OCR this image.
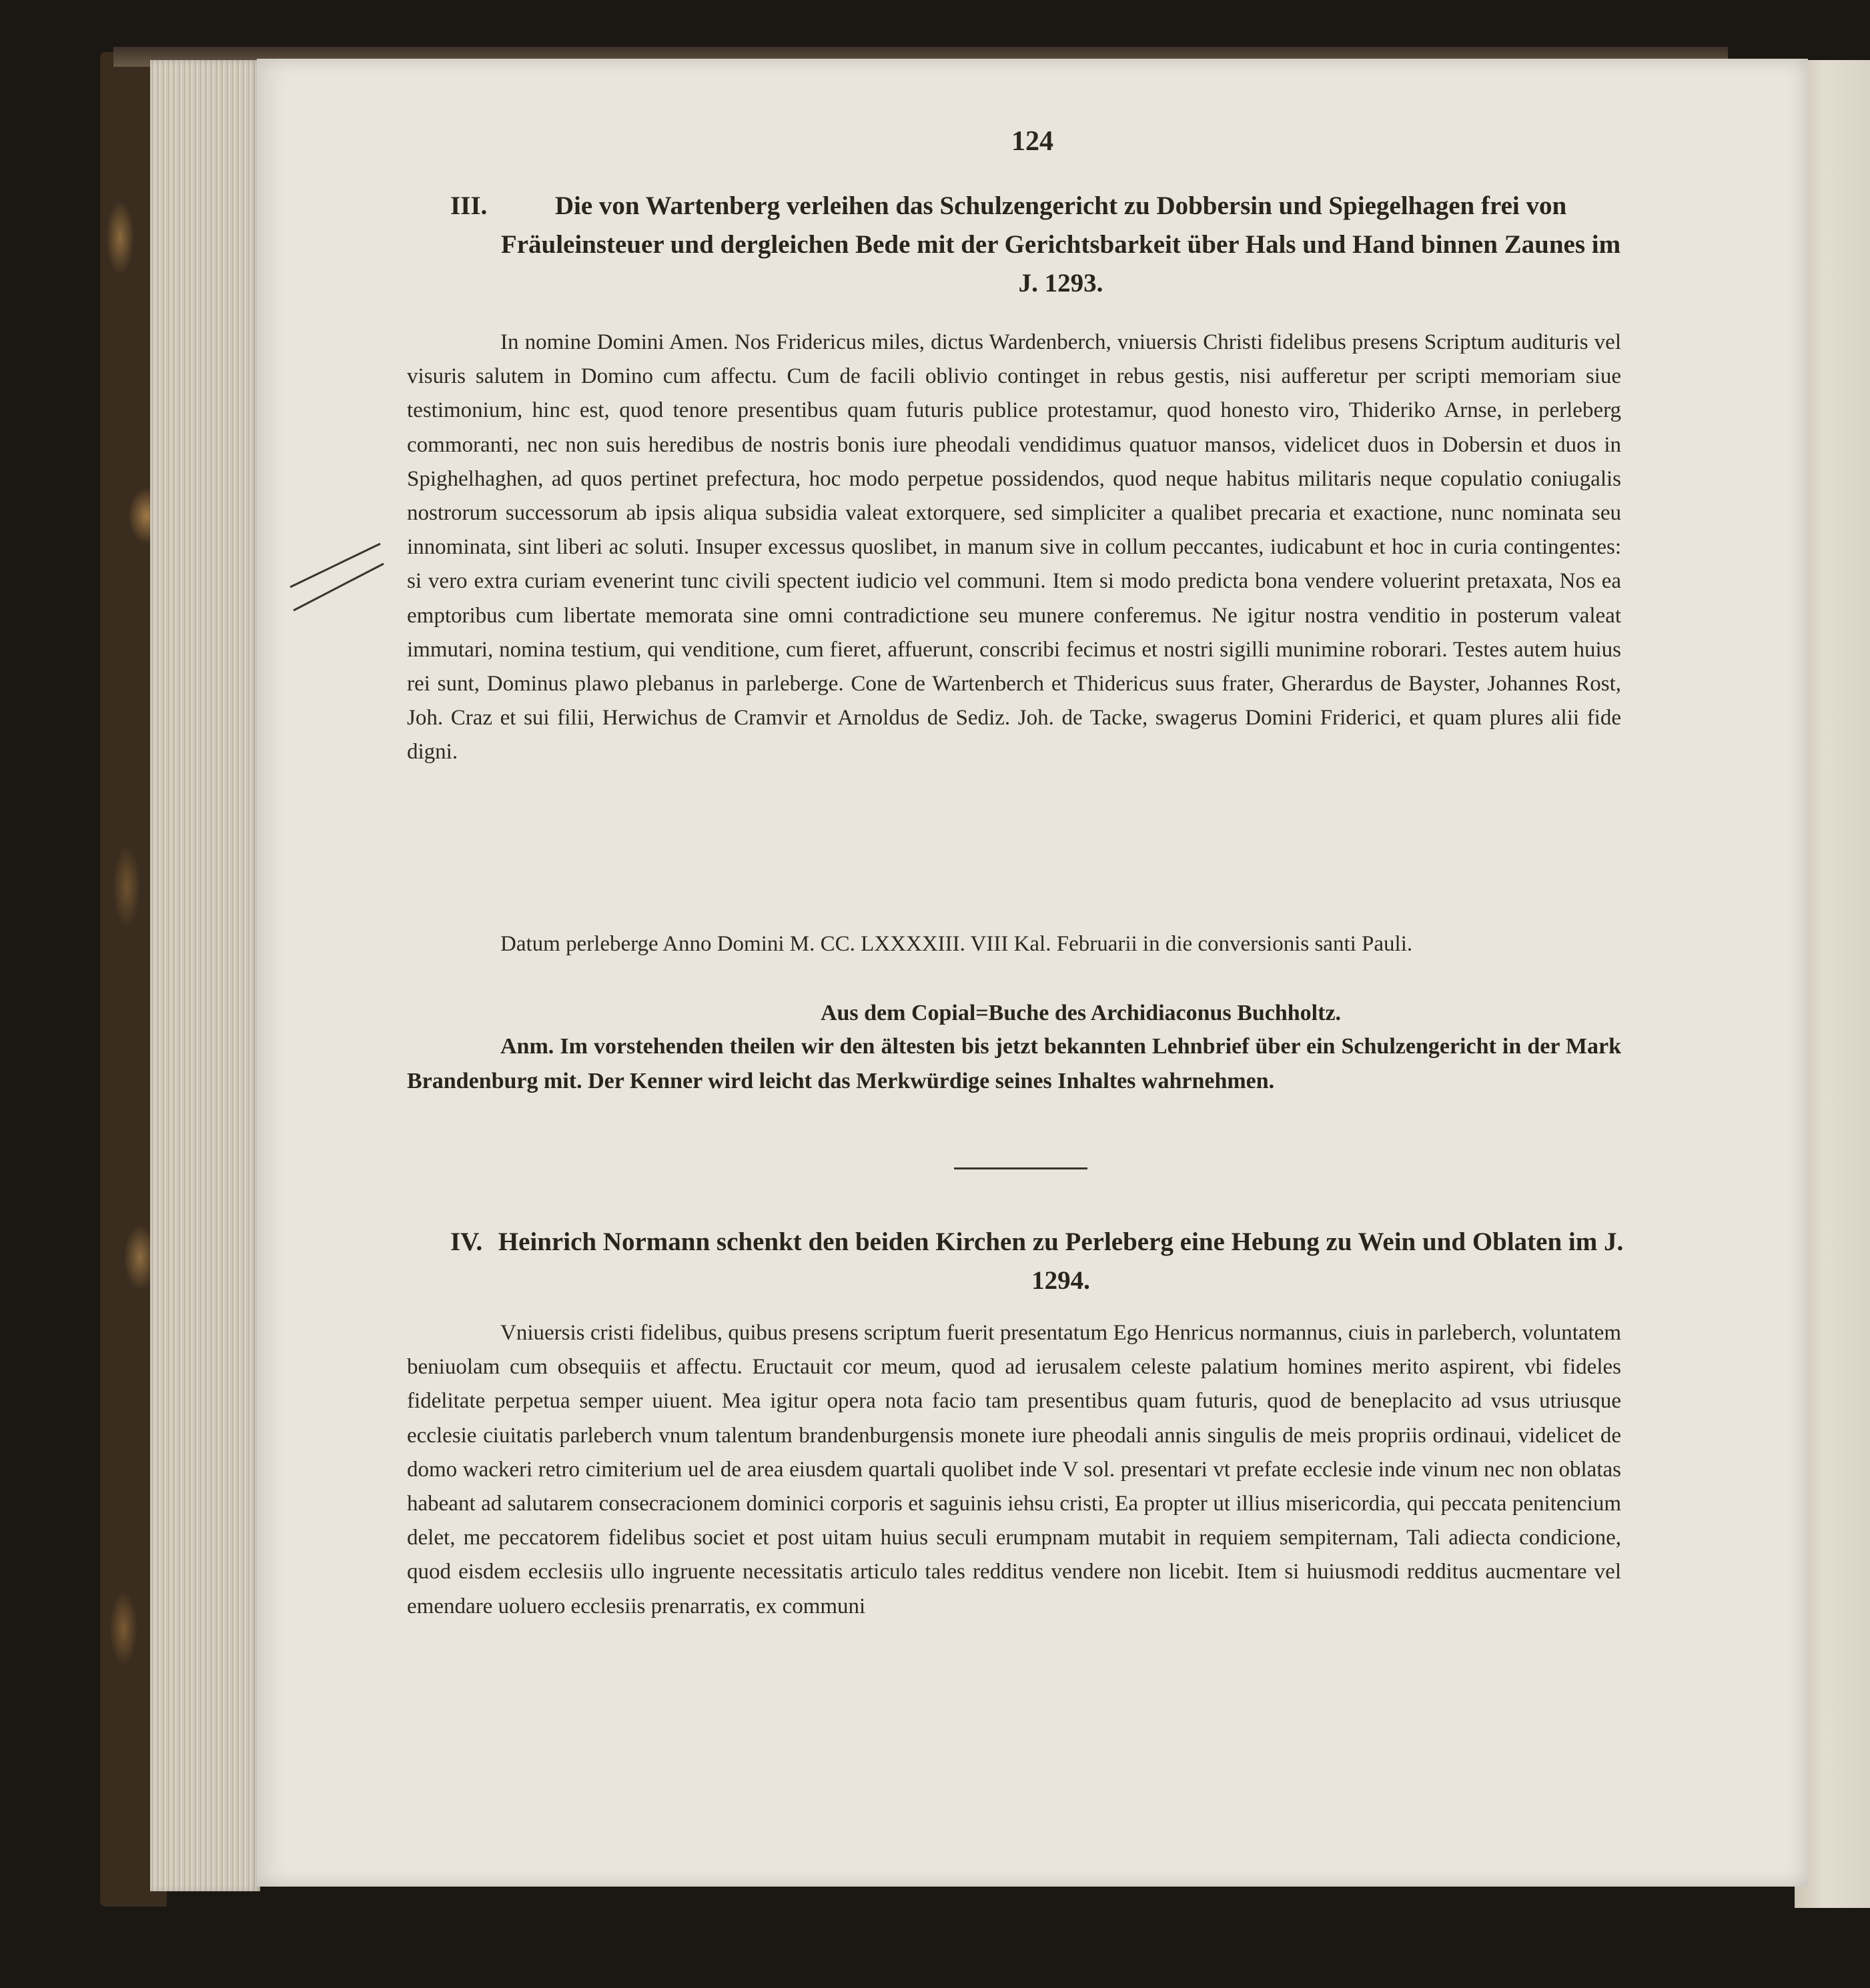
124

III.	Die von Wartenberg verleihen das Schulzengericht zu Dobbersin und Spiegelhagen frei von Fräuleinsteuer und dergleichen Bede mit der Gerichtsbarkeit über Hals und Hand binnen Zaunes im J. 1293.

In nomine Domini Amen. Nos Fridericus miles, dictus Wardenberch, vniuersis Christi fidelibus presens Scriptum audituris vel visuris salutem in Domino cum affectu. Cum de facili oblivio continget in rebus gestis, nisi aufferetur per scripti memoriam siue testimonium, hinc est, quod tenore presentibus quam futuris publice protestamur, quod honesto viro, Thideriko Arnse, in perleberg commoranti, nec non suis heredibus de nostris bonis iure pheodali vendidimus quatuor mansos, videlicet duos in Dobersin et duos in Spighelhaghen, ad quos pertinet prefectura, hoc modo perpetue possidendos, quod neque habitus militaris neque copulatio coniugalis nostrorum successorum ab ipsis aliqua subsidia valeat extorquere, sed simpliciter a qualibet precaria et exactione, nunc nominata seu innominata, sint liberi ac soluti. Insuper excessus quoslibet, in manum sive in collum peccantes, iudicabunt et hoc in curia contingentes: si vero extra curiam evenerint tunc civili spectent iudicio vel communi. Item si modo predicta bona vendere voluerint pretaxata, Nos ea emptoribus cum libertate memorata sine omni contradictione seu munere conferemus. Ne igitur nostra venditio in posterum valeat immutari, nomina testium, qui venditione, cum fieret, affuerunt, conscribi fecimus et nostri sigilli munimine roborari. Testes autem huius rei sunt, Dominus plawo plebanus in parleberge. Cone de Wartenberch et Thidericus suus frater, Gherardus de Bayster, Johannes Rost, Joh. Craz et sui filii, Herwichus de Cramvir et Arnoldus de Sediz. Joh. de Tacke, swagerus Domini Friderici, et quam plures alii fide digni.

Datum perleberge Anno Domini M. CC. LXXXXIII. VIII Kal. Februarii in die conversionis santi Pauli.

Aus dem Copial=Buche des Archidiaconus Buchholtz.

Anm. Im vorstehenden theilen wir den ältesten bis jetzt bekannten Lehnbrief über ein Schulzengericht in der Mark Brandenburg mit. Der Kenner wird leicht das Merkwürdige seines Inhaltes wahrnehmen.

IV. Heinrich Normann schenkt den beiden Kirchen zu Perleberg eine Hebung zu Wein und Oblaten im J. 1294.

Vniuersis cristi fidelibus, quibus presens scriptum fuerit presentatum Ego Henricus normannus, ciuis in parleberch, voluntatem beniuolam cum obsequiis et affectu. Eructauit cor meum, quod ad ierusalem celeste palatium homines merito aspirent, vbi fideles fidelitate perpetua semper uiuent. Mea igitur opera nota facio tam presentibus quam futuris, quod de beneplacito ad vsus utriusque ecclesie ciuitatis parleberch vnum talentum brandenburgensis monete iure pheodali annis singulis de meis propriis ordinaui, videlicet de domo wackeri retro cimiterium uel de area eiusdem quartali quolibet inde V sol. presentari vt prefate ecclesie inde vinum nec non oblatas habeant ad salutarem consecracionem dominici corporis et saguinis iehsu cristi, Ea propter ut illius misericordia, qui peccata penitencium delet, me peccatorem fidelibus societ et post uitam huius seculi erumpnam mutabit in requiem sempiternam, Tali adiecta condicione, quod eisdem ecclesiis ullo ingruente necessitatis articulo tales redditus vendere non licebit. Item si huiusmodi redditus aucmentare vel emendare uoluero ecclesiis prenarratis, ex communi
